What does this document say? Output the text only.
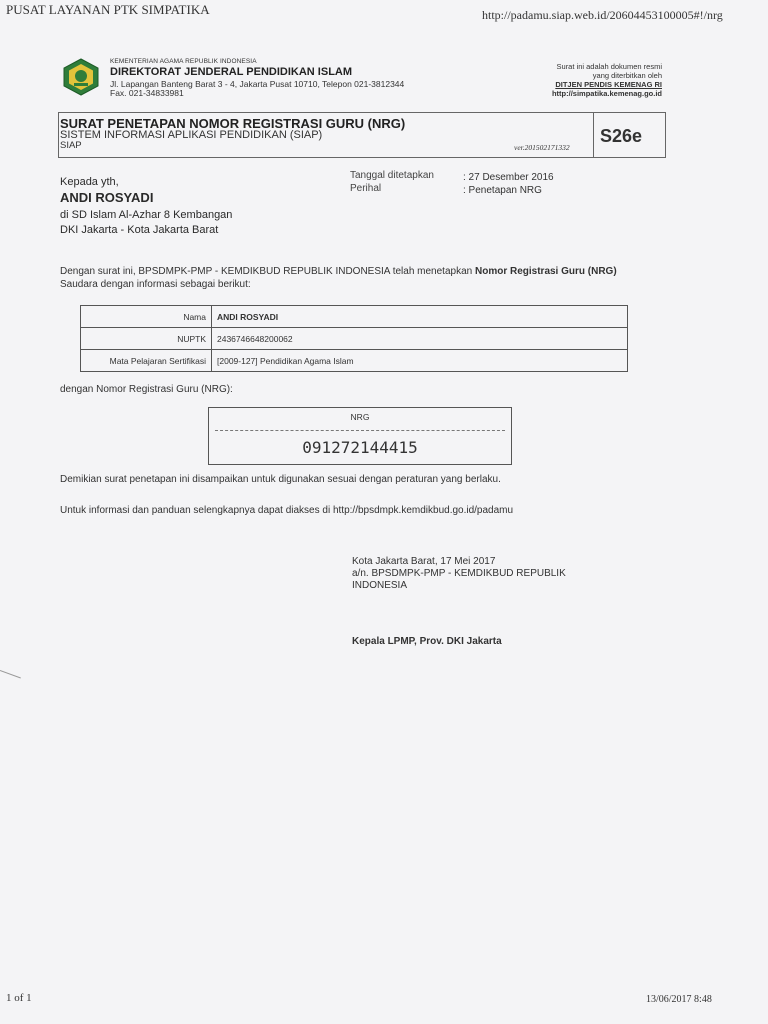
PUSAT LAYANAN PTK SIMPATIKA	http://padamu.siap.web.id/20604453100005#!/nrg
KEMENTERIAN AGAMA REPUBLIK INDONESIA
DIREKTORAT JENDERAL PENDIDIKAN ISLAM
Jl. Lapangan Banteng Barat 3 - 4, Jakarta Pusat 10710, Telepon 021-3812344
Fax. 021-34833981
Surat ini adalah dokumen resmi
yang diterbitkan oleh
DITJEN PENDIS KEMENAG RI
http://simpatika.kemenag.go.id
SURAT PENETAPAN NOMOR REGISTRASI GURU (NRG)
SISTEM INFORMASI APLIKASI PENDIDIKAN (SIAP)
SIAP	ver.201502171332
S26e
Tanggal ditetapkan	: 27 Desember 2016
Perihal	: Penetapan NRG
Kepada yth,
ANDI ROSYADI
di SD Islam Al-Azhar 8 Kembangan
DKI Jakarta - Kota Jakarta Barat
Dengan surat ini, BPSDMPK-PMP - KEMDIKBUD REPUBLIK INDONESIA telah menetapkan Nomor Registrasi Guru (NRG) Saudara dengan informasi sebagai berikut:
Nama	ANDI ROSYADI
NUPTK	2436746648200062
Mata Pelajaran Sertifikasi	[2009-127] Pendidikan Agama Islam
dengan Nomor Registrasi Guru (NRG):
NRG
091272144415
Demikian surat penetapan ini disampaikan untuk digunakan sesuai dengan peraturan yang berlaku.
Untuk informasi dan panduan selengkapnya dapat diakses di http://bpsdmpk.kemdikbud.go.id/padamu
Kota Jakarta Barat, 17 Mei 2017
a/n. BPSDMPK-PMP - KEMDIKBUD REPUBLIK INDONESIA
Kepala LPMP, Prov. DKI Jakarta
1 of 1	13/06/2017 8:48
